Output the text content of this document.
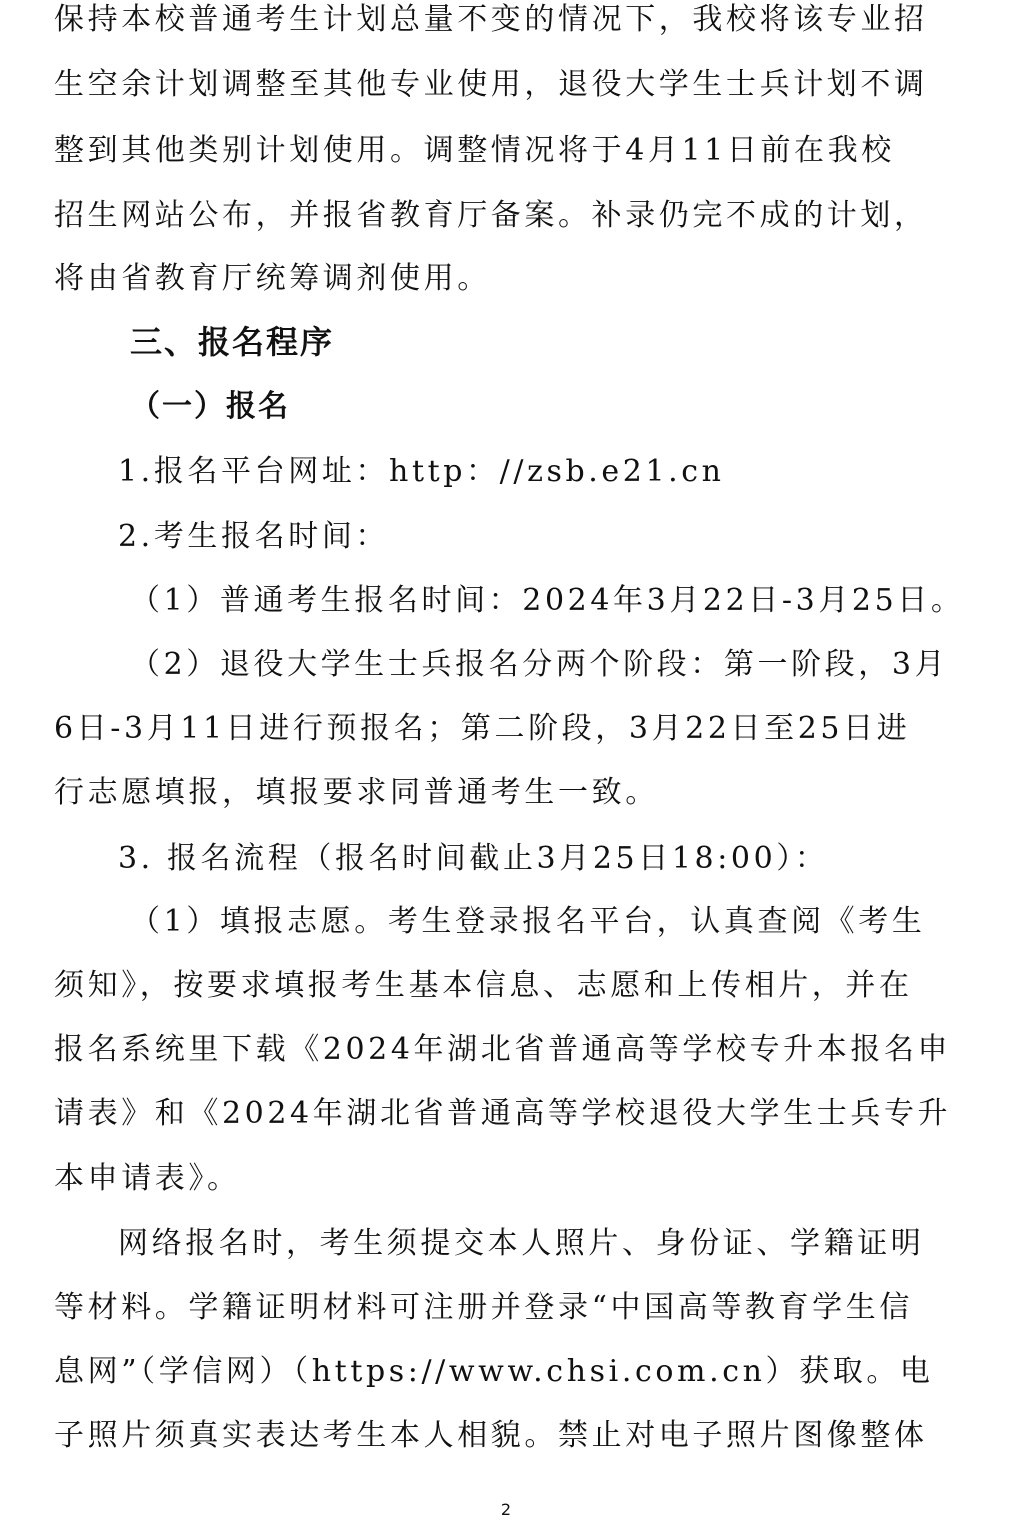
保持本校普通考生计划总量不变的情况下，我校将该专业招
生空余计划调整至其他专业使用，退役大学生士兵计划不调
整到其他类别计划使用。调整情况将于4月11日前在我校
招生网站公布，并报省教育厅备案。补录仍完不成的计划，
将由省教育厅统筹调剂使用。
三、报名程序
（一）报名
1.报名平台网址：http：//zsb.e21.cn
2.考生报名时间：
（1）普通考生报名时间：2024年3月22日-3月25日。
（2）退役大学生士兵报名分两个阶段：第一阶段，3月
6日-3月11日进行预报名；第二阶段，3月22日至25日进
行志愿填报，填报要求同普通考生一致。
3. 报名流程（报名时间截止3月25日18:00）：
（1）填报志愿。考生登录报名平台，认真查阅《考生
须知》，按要求填报考生基本信息、志愿和上传相片，并在
报名系统里下载《2024年湖北省普通高等学校专升本报名申
请表》和《2024年湖北省普通高等学校退役大学生士兵专升
本申请表》。
网络报名时，考生须提交本人照片、身份证、学籍证明
等材料。学籍证明材料可注册并登录“中国高等教育学生信
息网”（学信网）（https://www.chsi.com.cn）获取。电
子照片须真实表达考生本人相貌。禁止对电子照片图像整体
2
